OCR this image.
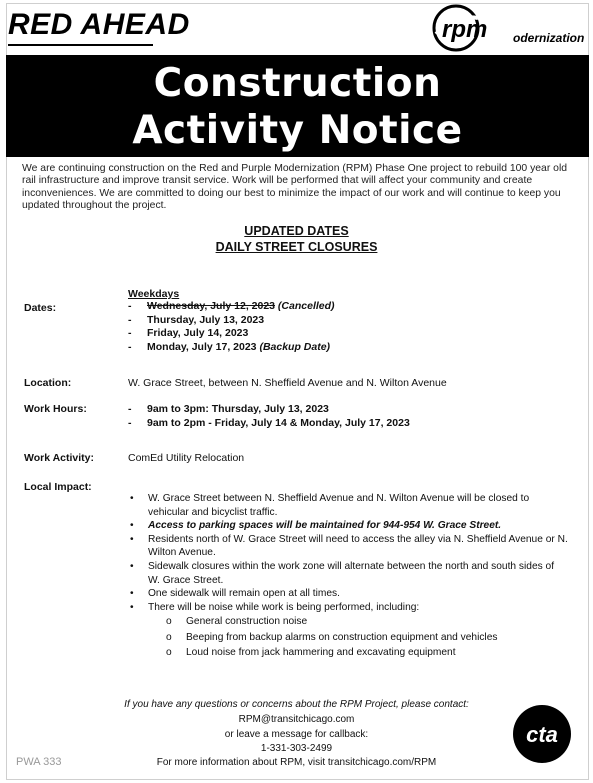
RED AHEAD	rpm odernization
Construction
Activity Notice
We are continuing construction on the Red and Purple Modernization (RPM) Phase One project to rebuild 100 year old rail infrastructure and improve transit service. Work will be performed that will affect your community and create inconveniences. We are committed to doing our best to minimize the impact of our work and will continue to keep you updated throughout the project.
UPDATED DATES
DAILY STREET CLOSURES
Dates:
Weekdays
- Wednesday, July 12, 2023 (Cancelled)
- Thursday, July 13, 2023
- Friday, July 14, 2023
- Monday, July 17, 2023 (Backup Date)
Location:	W. Grace Street, between N. Sheffield Avenue and N. Wilton Avenue
Work Hours:	- 9am to 3pm: Thursday, July 13, 2023
- 9am to 2pm - Friday, July 14 & Monday, July 17, 2023
Work Activity:	ComEd Utility Relocation
Local Impact:
• W. Grace Street between N. Sheffield Avenue and N. Wilton Avenue will be closed to vehicular and bicyclist traffic.
• Access to parking spaces will be maintained for 944-954 W. Grace Street.
• Residents north of W. Grace Street will need to access the alley via N. Sheffield Avenue or N. Wilton Avenue.
• Sidewalk closures within the work zone will alternate between the north and south sides of W. Grace Street.
• One sidewalk will remain open at all times.
• There will be noise while work is being performed, including:
o General construction noise
o Beeping from backup alarms on construction equipment and vehicles
o Loud noise from jack hammering and excavating equipment
If you have any questions or concerns about the RPM Project, please contact:
RPM@transitchicago.com
or leave a message for callback:
1-331-303-2499
For more information about RPM, visit transitchicago.com/RPM
PWA 333
cta
